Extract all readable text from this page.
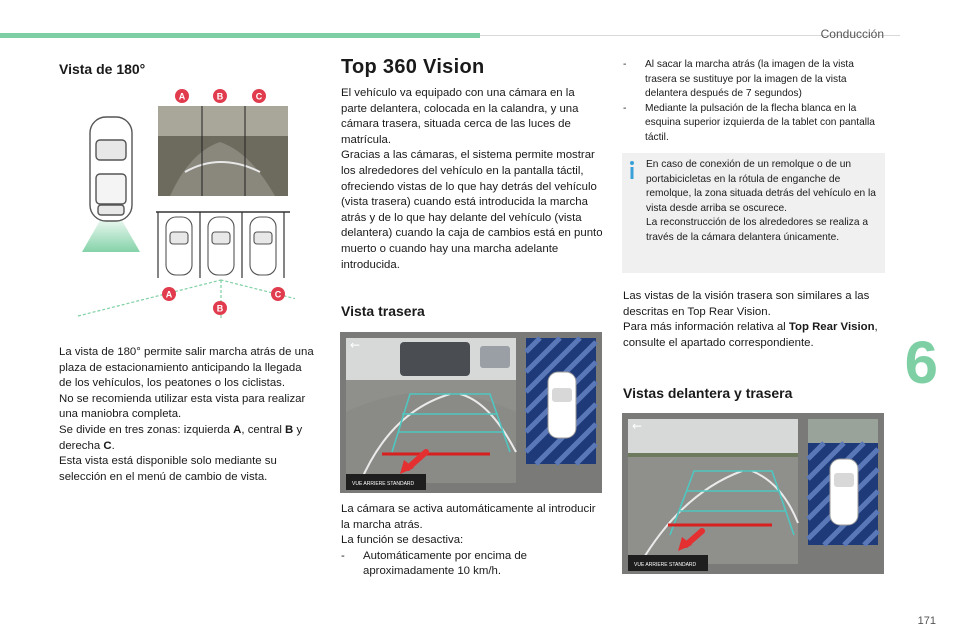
Conducción
6
171
Vista de 180°
A	B	C
A
B
C

La vista de 180° permite salir marcha atrás de una plaza de estacionamiento anticipando la llegada de los vehículos, los peatones o los ciclistas.

No se recomienda utilizar esta vista para realizar una maniobra completa.

Se divide en tres zonas: izquierda A, central B y derecha C.

Esta vista está disponible solo mediante su selección en el menú de cambio de vista.

Top 360 Vision

El vehículo va equipado con una cámara en la parte delantera, colocada en la calandra, y una cámara trasera, situada cerca de las luces de matrícula.

Gracias a las cámaras, el sistema permite mostrar los alrededores del vehículo en la pantalla táctil, ofreciendo vistas de lo que hay detrás del vehículo (vista trasera) cuando está introducida la marcha atrás y de lo que hay delante del vehículo (vista delantera) cuando la caja de cambios está en punto muerto o cuando hay una marcha adelante introducida.

Vista trasera
←
VUE ARRIERE STANDARD

La cámara se activa automáticamente al introducir la marcha atrás.

La función se desactiva:

-	Automáticamente por encima de aproximadamente 10 km/h.
-	Al sacar la marcha atrás (la imagen de la vista trasera se sustituye por la imagen de la vista delantera después de 7 segundos)
-	Mediante la pulsación de la flecha blanca en la esquina superior izquierda de la tablet con pantalla táctil.

En caso de conexión de un remolque o de un portabicicletas en la rótula de enganche de remolque, la zona situada detrás del vehículo en la vista desde arriba se oscurece.

La reconstrucción de los alrededores se realiza a través de la cámara delantera únicamente.

Las vistas de la visión trasera son similares a las descritas en Top Rear Vision.

Para más información relativa al Top Rear Vision, consulte el apartado correspondiente.

Vistas delantera y trasera
←
VUE ARRIERE STANDARD
